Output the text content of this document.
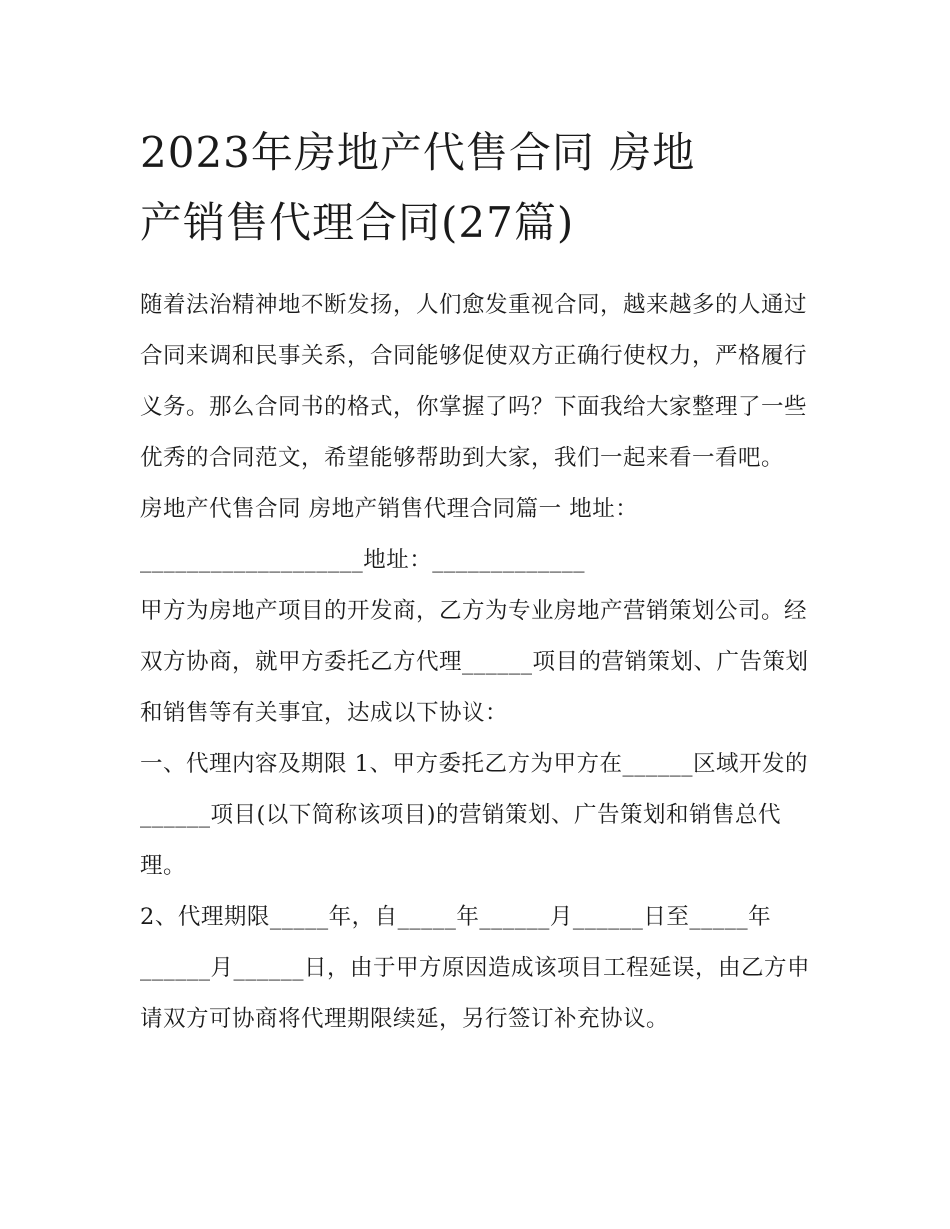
2023年房地产代售合同 房地
产销售代理合同(27篇)

随着法治精神地不断发扬，人们愈发重视合同，越来越多的人通过合同来调和民事关系，合同能够促使双方正确行使权力，严格履行义务。那么合同书的格式，你掌握了吗？下面我给大家整理了一些优秀的合同范文，希望能够帮助到大家，我们一起来看一看吧。

房地产代售合同 房地产销售代理合同篇一 地址：

___________________地址：_____________

甲方为房地产项目的开发商，乙方为专业房地产营销策划公司。经双方协商，就甲方委托乙方代理______项目的营销策划、广告策划和销售等有关事宜，达成以下协议：

一、代理内容及期限 1、甲方委托乙方为甲方在______区域开发的______项目(以下简称该项目)的营销策划、广告策划和销售总代理。

2、代理期限_____年，自_____年______月______日至_____年______月______日，由于甲方原因造成该项目工程延误，由乙方申请双方可协商将代理期限续延，另行签订补充协议。
